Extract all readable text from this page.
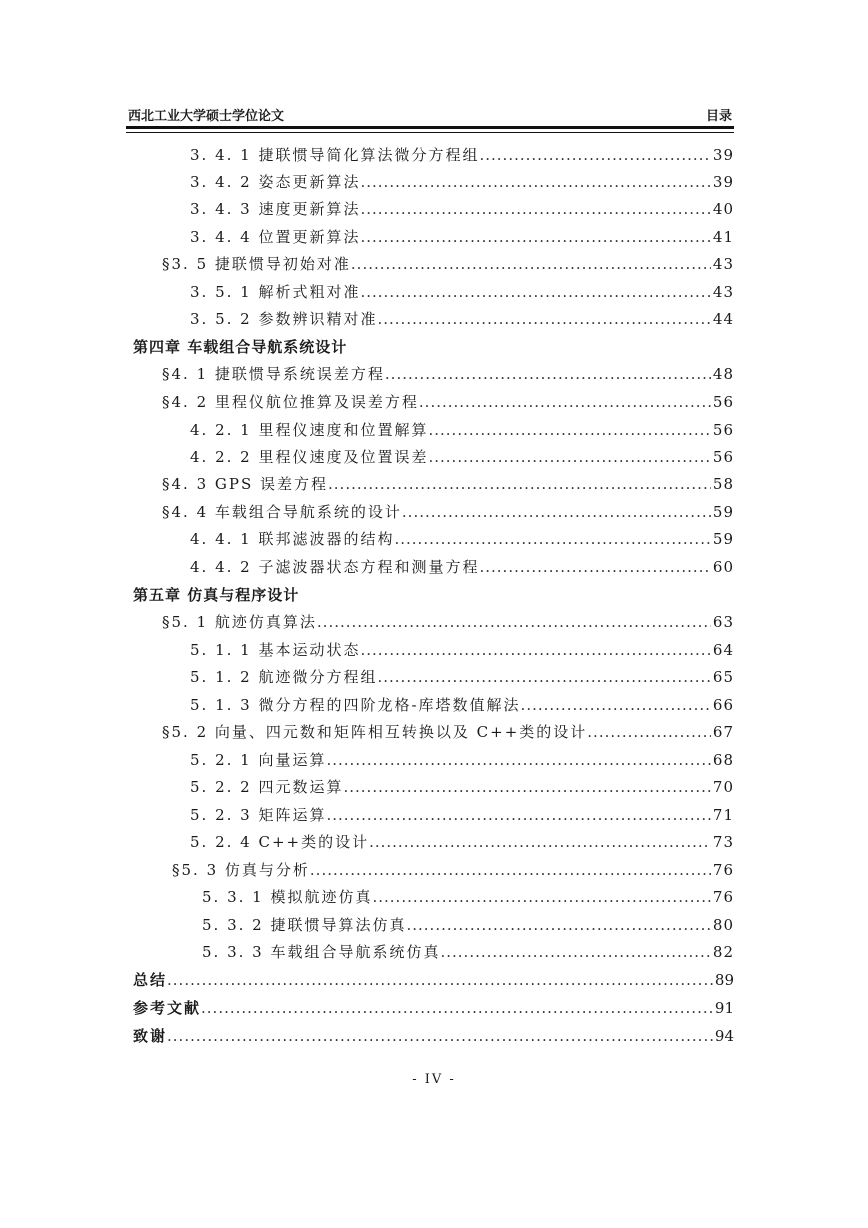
西北工业大学硕士学位论文	目录
3. 4. 1 捷联惯导简化算法微分方程组 .....	39
3. 4. 2 姿态更新算法 .....	39
3. 4. 3 速度更新算法 .....	40
3. 4. 4 位置更新算法 .....	41
§3. 5 捷联惯导初始对准 .....	43
3. 5. 1 解析式粗对准 .....	43
3. 5. 2 参数辨识精对准 .....	44
第四章 车载组合导航系统设计
§4. 1 捷联惯导系统误差方程 .....	48
§4. 2 里程仪航位推算及误差方程 .....	56
4. 2. 1 里程仪速度和位置解算 .....	56
4. 2. 2 里程仪速度及位置误差 .....	56
§4. 3 GPS 误差方程 .....	58
§4. 4 车载组合导航系统的设计 .....	59
4. 4. 1 联邦滤波器的结构 .....	59
4. 4. 2 子滤波器状态方程和测量方程 .....	60
第五章 仿真与程序设计
§5. 1 航迹仿真算法 .....	63
5. 1. 1 基本运动状态 .....	64
5. 1. 2 航迹微分方程组 .....	65
5. 1. 3 微分方程的四阶龙格-库塔数值解法 .....	66
§5. 2 向量、四元数和矩阵相互转换以及 C++类的设计 .....	67
5. 2. 1 向量运算 .....	68
5. 2. 2 四元数运算 .....	70
5. 2. 3 矩阵运算 .....	71
5. 2. 4 C++类的设计 .....	73
§5. 3 仿真与分析 .....	76
5. 3. 1 模拟航迹仿真 .....	76
5. 3. 2 捷联惯导算法仿真 .....	80
5. 3. 3 车载组合导航系统仿真 .....	82
总结 .....	89
参考文献 .....	91
致谢 .....	94
- IV -
